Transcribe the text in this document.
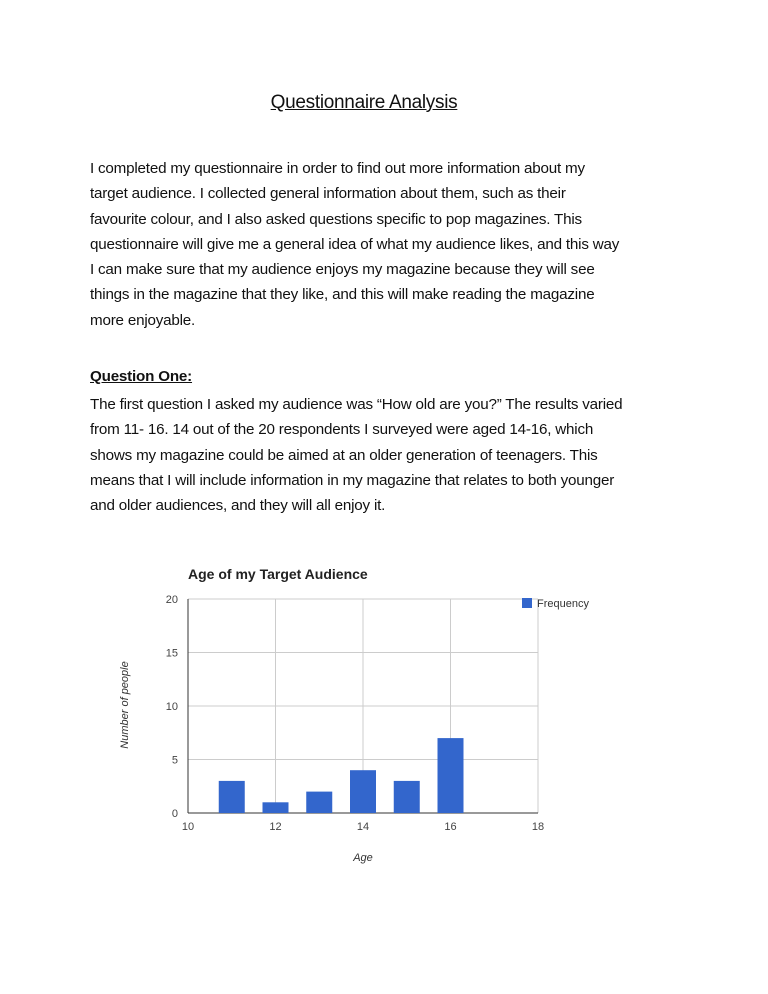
Questionnaire Analysis

I completed my questionnaire in order to find out more information about my
target audience. I collected general information about them, such as their
favourite colour, and I also asked questions specific to pop magazines. This
questionnaire will give me a general idea of what my audience likes, and this way
I can make sure that my audience enjoys my magazine because they will see
things in the magazine that they like, and this will make reading the magazine
more enjoyable.

Question One:

The first question I asked my audience was “How old are you?” The results varied
from 11- 16. 14 out of the 20 respondents I surveyed were aged 14-16, which
shows my magazine could be aimed at an older generation of teenagers. This
means that I will include information in my magazine that relates to both younger
and older audiences, and they will all enjoy it.

Age of my Target Audience
0
5
10
15
20
10	12	14	16	18
Age
Number of people
Frequency
